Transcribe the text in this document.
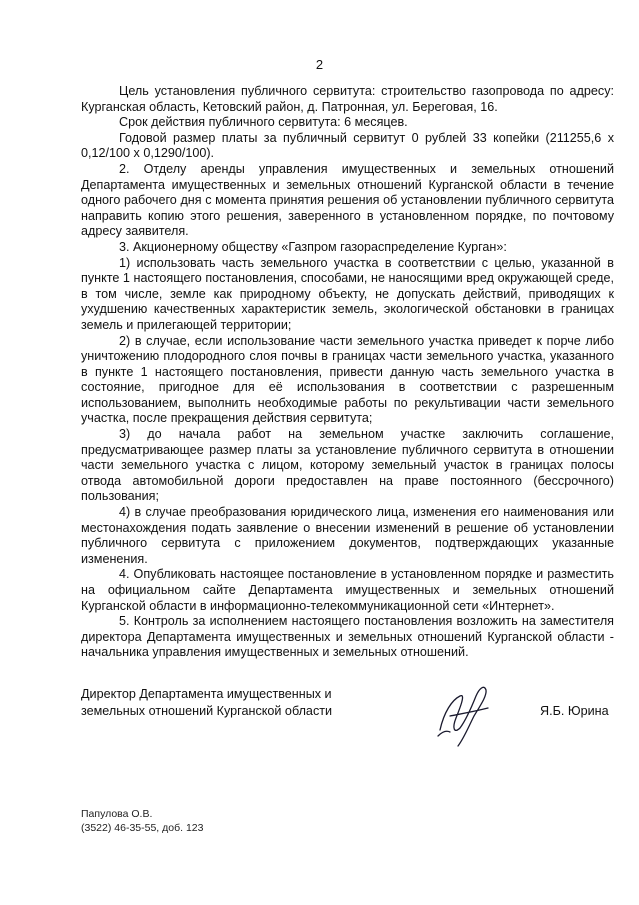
2

Цель установления публичного сервитута: строительство газопровода по адресу: Курганская область, Кетовский район, д. Патронная, ул. Береговая, 16.

Срок действия публичного сервитута: 6 месяцев.

Годовой размер платы за публичный сервитут 0 рублей 33 копейки (211255,6 х 0,12/100 х 0,1290/100).

2. Отделу аренды управления имущественных и земельных отношений Департамента имущественных и земельных отношений Курганской области в течение одного рабочего дня с момента принятия решения об установлении публичного сервитута направить копию этого решения, заверенного в установленном порядке, по почтовому адресу заявителя.

3. Акционерному обществу «Газпром газораспределение Курган»:

1) использовать часть земельного участка в соответствии с целью, указанной в пункте 1 настоящего постановления, способами, не наносящими вред окружающей среде, в том числе, земле как природному объекту, не допускать действий, приводящих к ухудшению качественных характеристик земель, экологической обстановки в границах земель и прилегающей территории;

2) в случае, если использование части земельного участка приведет к порче либо уничтожению плодородного слоя почвы в границах части земельного участка, указанного в пункте 1 настоящего постановления, привести данную часть земельного участка в состояние, пригодное для её использования в соответствии с разрешенным использованием, выполнить необходимые работы по рекультивации части земельного участка, после прекращения действия сервитута;

3) до начала работ на земельном участке заключить соглашение, предусматривающее размер платы за установление публичного сервитута в отношении части земельного участка с лицом, которому земельный участок в границах полосы отвода автомобильной дороги предоставлен на праве постоянного (бессрочного) пользования;

4) в случае преобразования юридического лица, изменения его наименования или местонахождения подать заявление о внесении изменений в решение об установлении публичного сервитута с приложением документов, подтверждающих указанные изменения.

4. Опубликовать настоящее постановление в установленном порядке и разместить на официальном сайте Департамента имущественных и земельных отношений Курганской области в информационно-телекоммуникационной сети «Интернет».

5. Контроль за исполнением настоящего постановления возложить на заместителя директора Департамента имущественных и земельных отношений Курганской области - начальника управления имущественных и земельных отношений.

Директор Департамента имущественных и
земельных отношений Курганской области	Я.Б. Юрина
Папулова О.В.
(3522) 46-35-55, доб. 123
